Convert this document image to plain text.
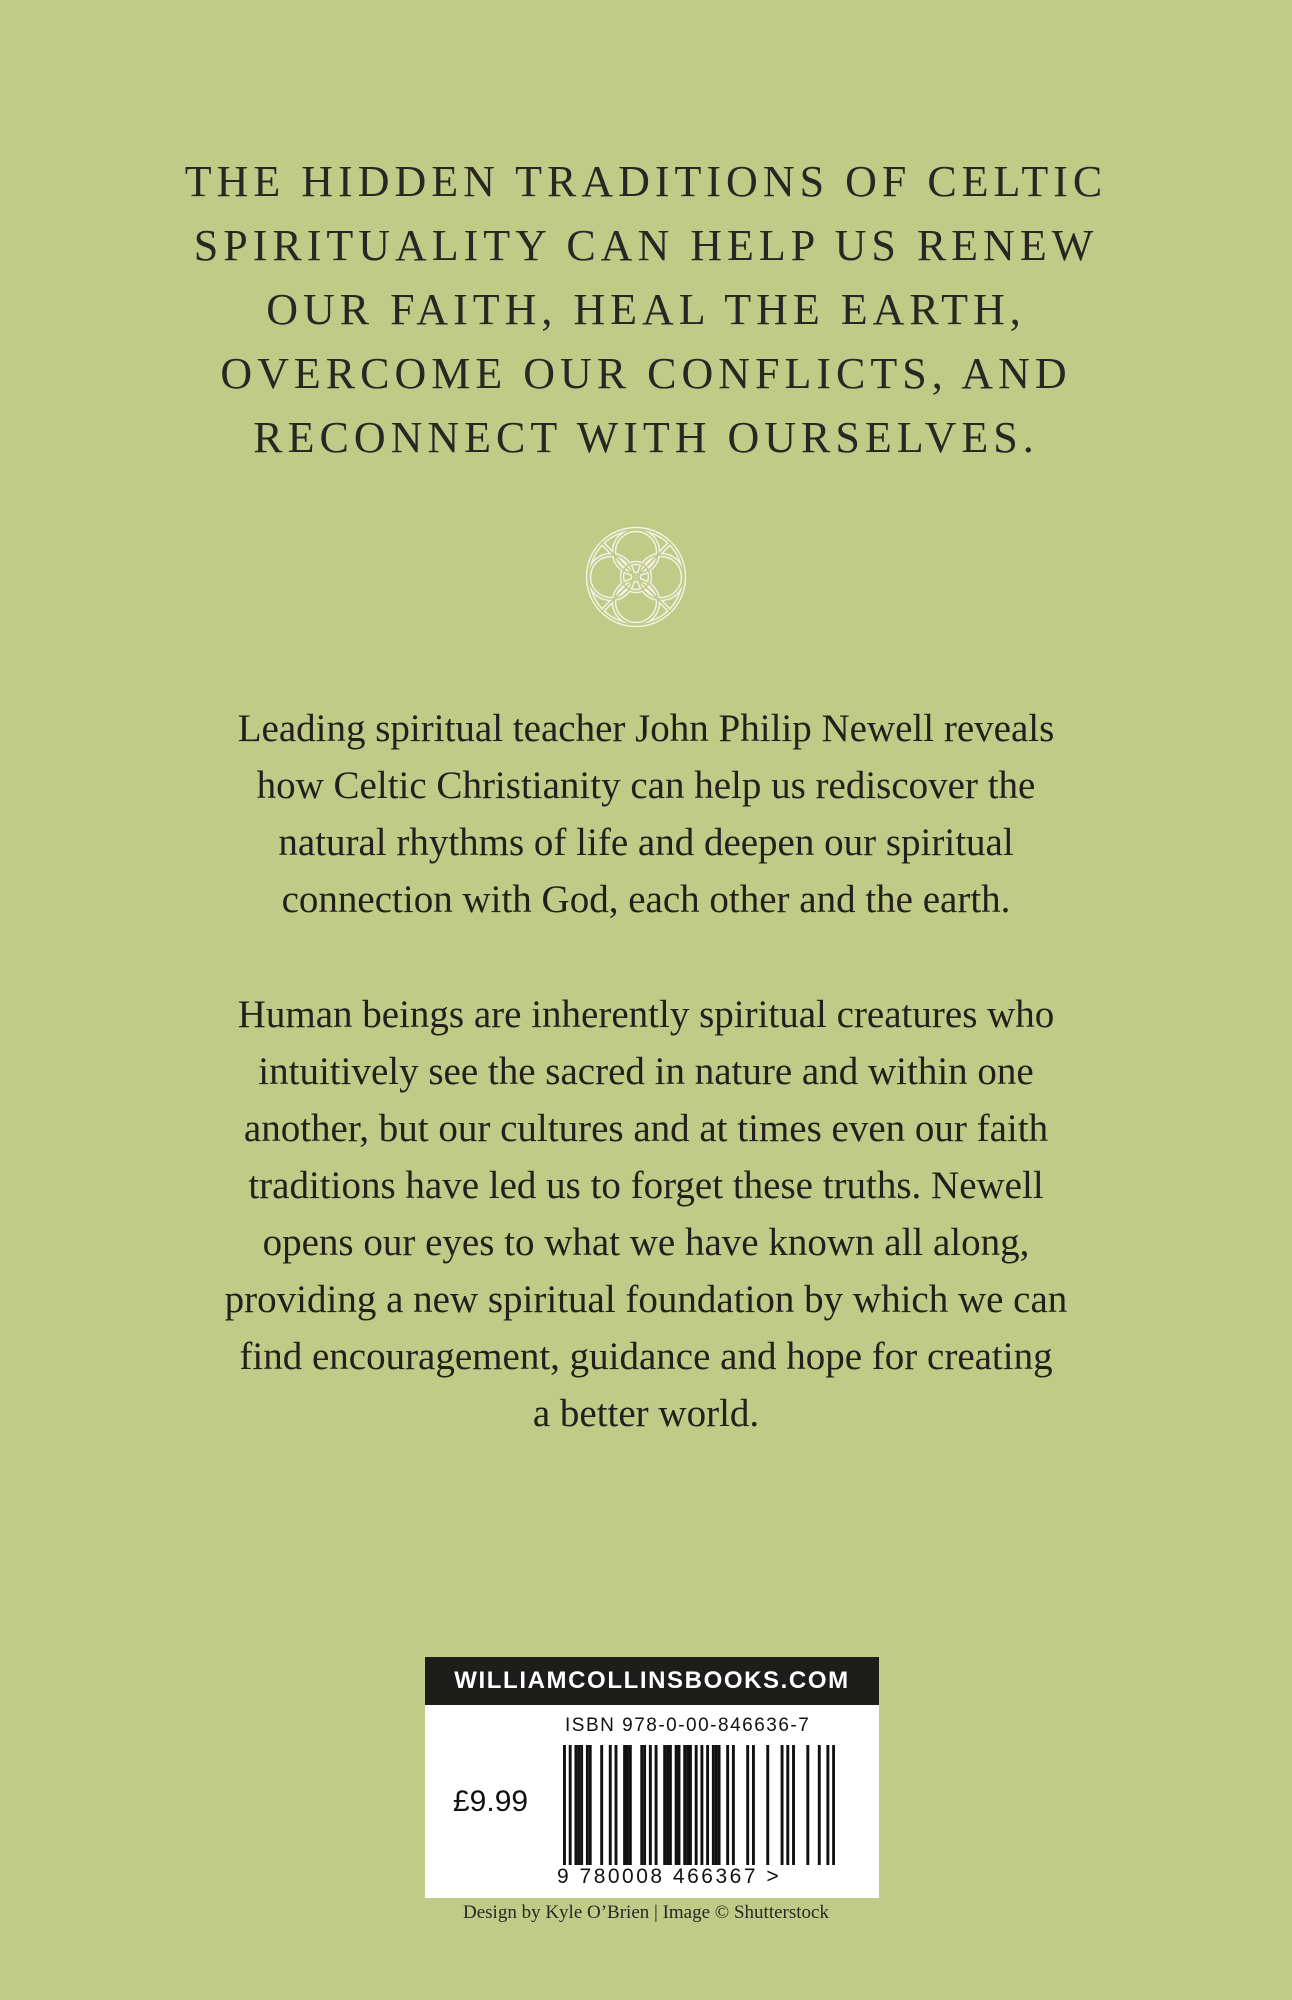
THE HIDDEN TRADITIONS OF CELTIC
SPIRITUALITY CAN HELP US RENEW
OUR FAITH, HEAL THE EARTH,
OVERCOME OUR CONFLICTS, AND
RECONNECT WITH OURSELVES.
Leading spiritual teacher John Philip Newell reveals
how Celtic Christianity can help us rediscover the
natural rhythms of life and deepen our spiritual
connection with God, each other and the earth.
Human beings are inherently spiritual creatures who
intuitively see the sacred in nature and within one
another, but our cultures and at times even our faith
traditions have led us to forget these truths. Newell
opens our eyes to what we have known all along,
providing a new spiritual foundation by which we can
find encouragement, guidance and hope for creating
a better world.
WILLIAMCOLLINSBOOKS.COM
ISBN 978-0-00-846636-7
£9.99
9 780008 466367 >
Design by Kyle O’Brien | Image © Shutterstock
